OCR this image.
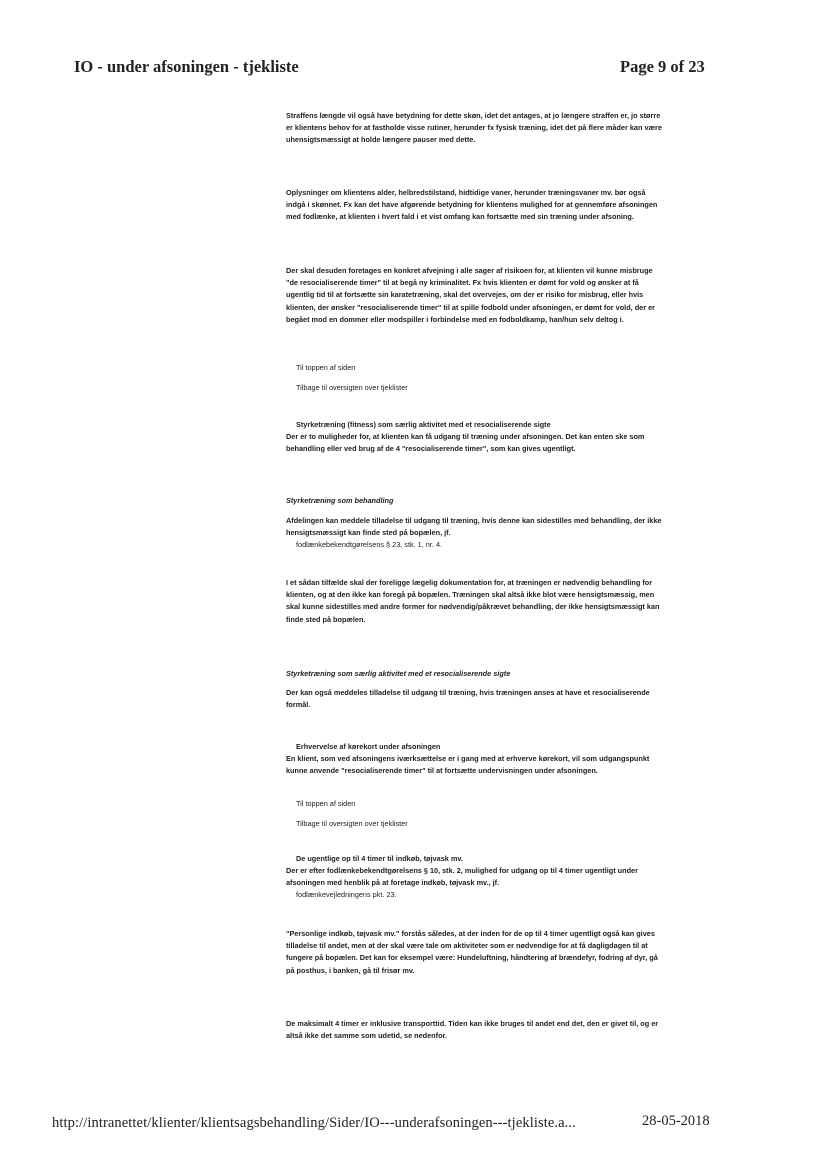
IO - under afsoningen - tjekliste	Page 9 of 23

Straffens længde vil også have betydning for dette skøn, idet det antages, at jo længere straffen er, jo større er klientens behov for at fastholde visse rutiner, herunder fx fysisk træning, idet det på flere måder kan være uhensigtsmæssigt at holde længere pauser med dette.

Oplysninger om klientens alder, helbredstilstand, hidtidige vaner, herunder træningsvaner mv. bør også indgå i skønnet. Fx kan det have afgørende betydning for klientens mulighed for at gennemføre afsoningen med fodlænke, at klienten i hvert fald i et vist omfang kan fortsætte med sin træning under afsoning.

Der skal desuden foretages en konkret afvejning i alle sager af risikoen for, at klienten vil kunne misbruge "de resocialiserende timer" til at begå ny kriminalitet. Fx hvis klienten er dømt for vold og ønsker at få ugentlig tid til at fortsætte sin karatetræning, skal det overvejes, om der er risiko for misbrug, eller hvis klienten, der ønsker "resocialiserende timer" til at spille fodbold under afsoningen, er dømt for vold, der er begået mod en dommer eller modspiller i forbindelse med en fodboldkamp, han/hun selv deltog i.

Til toppen af siden

Tilbage til oversigten over tjeklister

Styrketræning (fitness) som særlig aktivitet med et resocialiserende sigte

Der er to muligheder for, at klienten kan få udgang til træning under afsoningen. Det kan enten ske som behandling eller ved brug af de 4 "resocialiserende timer", som kan gives ugentligt.

Styrketræning som behandling

Afdelingen kan meddele tilladelse til udgang til træning, hvis denne kan sidestilles med behandling, der ikke hensigtsmæssigt kan finde sted på bopælen, jf.

fodlænkebekendtgørelsens § 23, stk. 1, nr. 4.

I et sådan tilfælde skal der foreligge lægelig dokumentation for, at træningen er nødvendig behandling for klienten, og at den ikke kan foregå på bopælen. Træningen skal altså ikke blot være hensigtsmæssig, men skal kunne sidestilles med andre former for nødvendig/påkrævet behandling, der ikke hensigtsmæssigt kan finde sted på bopælen.

Styrketræning som særlig aktivitet med et resocialiserende sigte

Der kan også meddeles tilladelse til udgang til træning, hvis træningen anses at have et resocialiserende formål.

Erhvervelse af kørekort under afsoningen

En klient, som ved afsoningens iværksættelse er i gang med at erhverve kørekort, vil som udgangspunkt kunne anvende "resocialiserende timer" til at fortsætte undervisningen under afsoningen.

Til toppen af siden

Tilbage til oversigten over tjeklister

De ugentlige op til 4 timer til indkøb, tøjvask mv.

Der er efter fodlænkebekendtgørelsens § 10, stk. 2, mulighed for udgang op til 4 timer ugentligt under afsoningen med henblik på at foretage indkøb, tøjvask mv., jf.

fodlænkevejledningens pkt. 23.

"Personlige indkøb, tøjvask mv." forstås således, at der inden for de op til 4 timer ugentligt også kan gives tilladelse til andet, men at der skal være tale om aktiviteter som er nødvendige for at få dagligdagen til at fungere på bopælen. Det kan for eksempel være: Hundeluftning, håndtering af brændefyr, fodring af dyr, gå på posthus, i banken, gå til frisør mv.

De maksimalt 4 timer er inklusive transporttid. Tiden kan ikke bruges til andet end det, den er givet til, og er altså ikke det samme som udetid, se nedenfor.

http://intranettet/klienter/klientsagsbehandling/Sider/IO---underafsoningen---tjekliste.a...	28-05-2018
